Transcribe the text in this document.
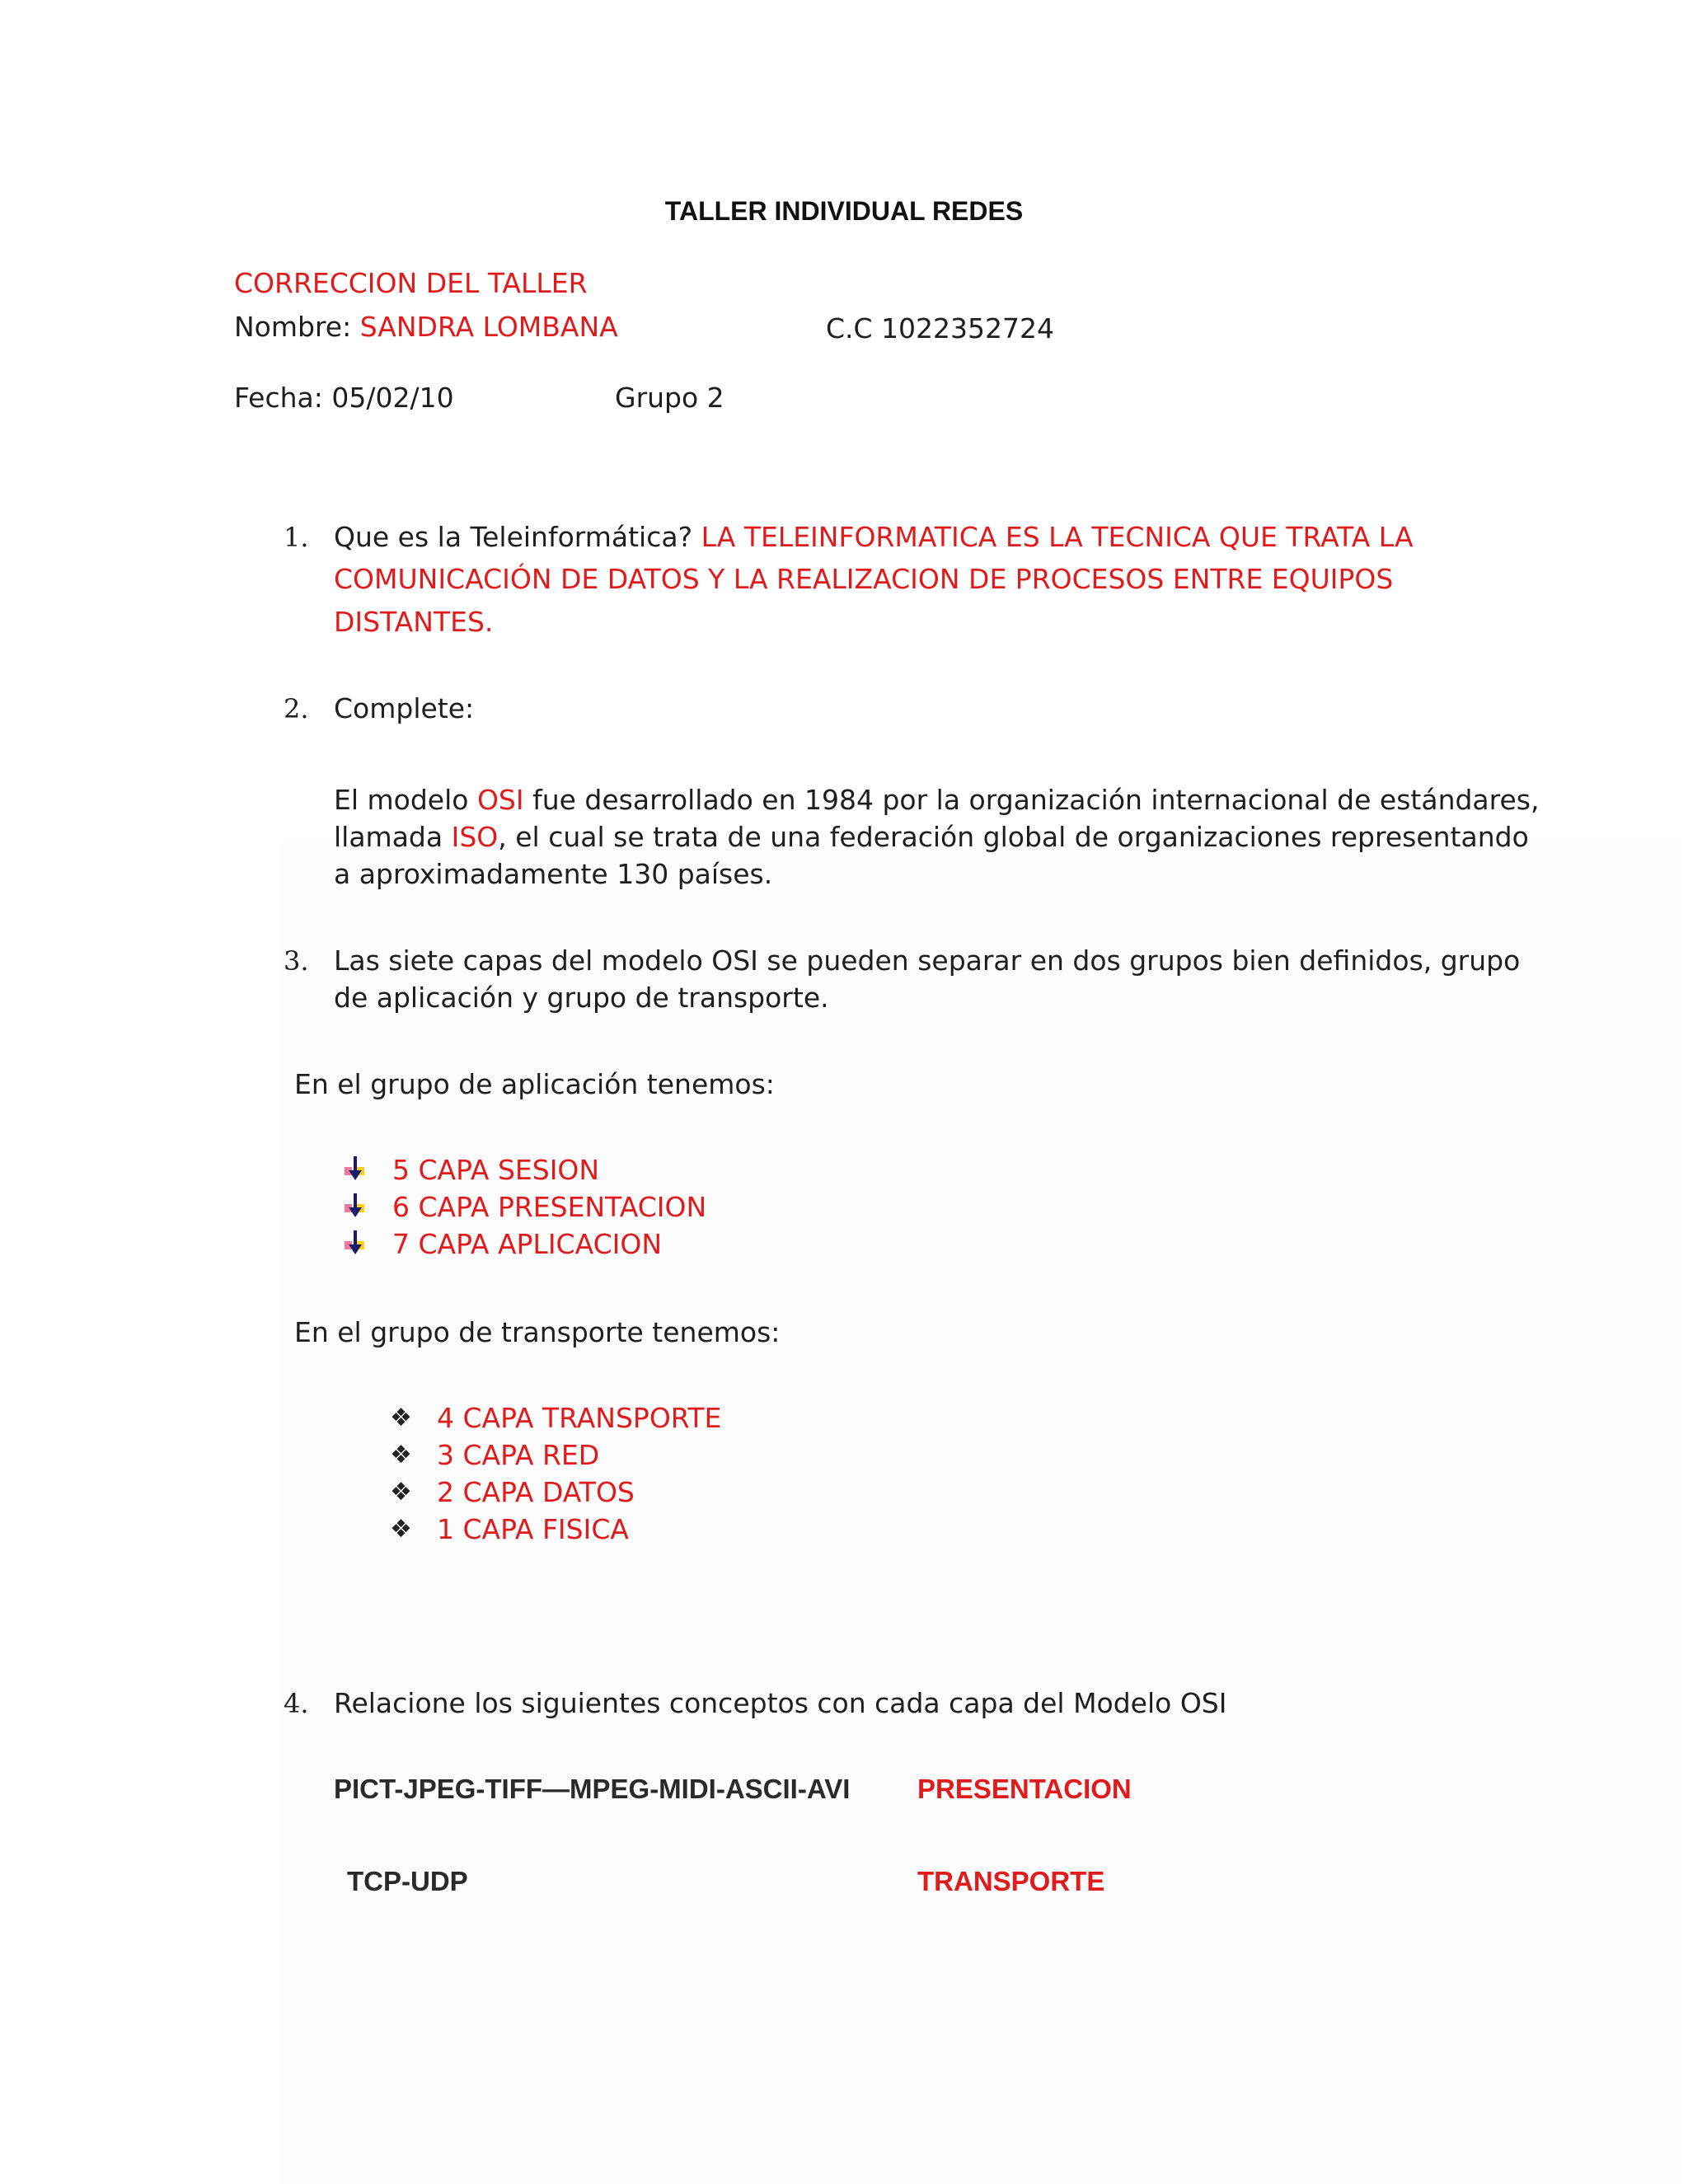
TALLER INDIVIDUAL REDES
CORRECCION DEL TALLER
Nombre: SANDRA LOMBANA	C.C 1022352724
Fecha: 05/02/10	Grupo 2
1. Que es la Teleinformática? LA TELEINFORMATICA ES LA TECNICA QUE TRATA LA
COMUNICACIÓN DE DATOS Y LA REALIZACION DE PROCESOS ENTRE EQUIPOS
DISTANTES.
2. Complete:
El modelo OSI fue desarrollado en 1984 por la organización internacional de estándares,
llamada ISO, el cual se trata de una federación global de organizaciones representando
a aproximadamente 130 países.
3. Las siete capas del modelo OSI se pueden separar en dos grupos bien definidos, grupo
de aplicación y grupo de transporte.
En el grupo de aplicación tenemos:
5 CAPA SESION
6 CAPA PRESENTACION
7 CAPA APLICACION
En el grupo de transporte tenemos:
❖ 4 CAPA TRANSPORTE
❖ 3 CAPA RED
❖ 2 CAPA DATOS
❖ 1 CAPA FISICA
4. Relacione los siguientes conceptos con cada capa del Modelo OSI
PICT-JPEG-TIFF—MPEG-MIDI-ASCII-AVI PRESENTACION
TCP-UDP	TRANSPORTE
